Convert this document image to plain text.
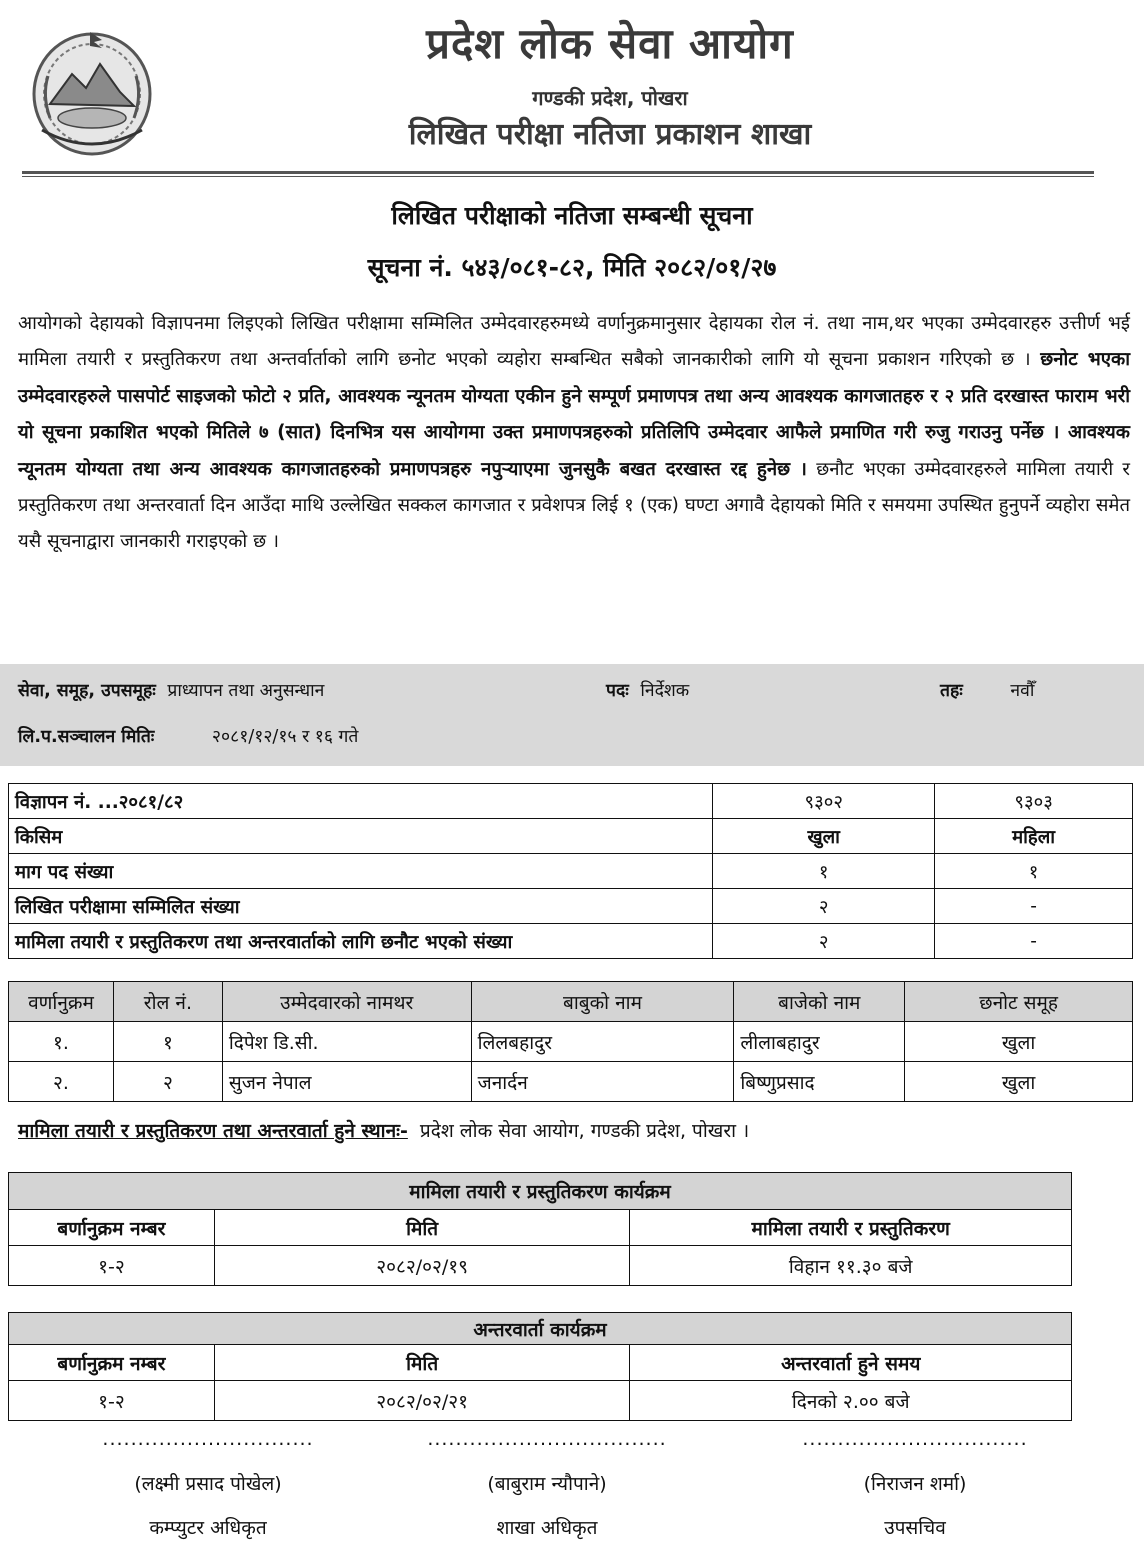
प्रदेश लोक सेवा आयोग
गण्डकी प्रदेश, पोखरा
लिखित परीक्षा नतिजा प्रकाशन शाखा
लिखित परीक्षाको नतिजा सम्बन्धी सूचना
सूचना नं. ५४३/०८१-८२, मिति २०८२/०१/२७
आयोगको देहायको विज्ञापनमा लिइएको लिखित परीक्षामा सम्मिलित उम्मेदवारहरुमध्ये वर्णानुक्रमानुसार देहायका रोल नं. तथा नाम,थर भएका उम्मेदवारहरु उत्तीर्ण भई मामिला तयारी र प्रस्तुतिकरण तथा अन्तर्वार्ताको लागि छनोट भएको व्यहोरा सम्बन्धित सबैको जानकारीको लागि यो सूचना प्रकाशन गरिएको छ । छनोट भएका उम्मेदवारहरुले पासपोर्ट साइजको फोटो २ प्रति, आवश्यक न्यूनतम योग्यता एकीन हुने सम्पूर्ण प्रमाणपत्र तथा अन्य आवश्यक कागजातहरु र २ प्रति दरखास्त फाराम भरी यो सूचना प्रकाशित भएको मितिले ७ (सात) दिनभित्र यस आयोगमा उक्त प्रमाणपत्रहरुको प्रतिलिपि उम्मेदवार आफैले प्रमाणित गरी रुजु गराउनु पर्नेछ । आवश्यक न्यूनतम योग्यता तथा अन्य आवश्यक कागजातहरुको प्रमाणपत्रहरु नपुऱ्याएमा जुनसुकै बखत दरखास्त रद्द हुनेछ । छनौट भएका उम्मेदवारहरुले मामिला तयारी र प्रस्तुतिकरण तथा अन्तरवार्ता दिन आउँदा माथि उल्लेखित सक्कल कागजात र प्रवेशपत्र लिई १ (एक) घण्टा अगावै देहायको मिति र समयमा उपस्थित हुनुपर्ने व्यहोरा समेत यसै सूचनाद्वारा जानकारी गराइएको छ ।
सेवा, समूह, उपसमूहः प्राध्यापन तथा अनुसन्धान	पदः निर्देशक	तहः	नवौँ
लि.प.सञ्चालन मितिः	२०८१/१२/१५ र १६ गते
विज्ञापन नं. ...२०८१/८२	९३०२	९३०३
किसिम	खुला	महिला
माग पद संख्या	१	१
लिखित परीक्षामा सम्मिलित संख्या	२	-
मामिला तयारी र प्रस्तुतिकरण तथा अन्तरवार्ताको लागि छनौट भएको संख्या	२	-
वर्णानुक्रम	रोल नं.	उम्मेदवारको नामथर	बाबुको नाम	बाजेको नाम	छनोट समूह
१.	१	दिपेश डि.सी.	लिलबहादुर	लीलाबहादुर	खुला
२.	२	सुजन नेपाल	जनार्दन	बिष्णुप्रसाद	खुला
मामिला तयारी र प्रस्तुतिकरण तथा अन्तरवार्ता हुने स्थानः- प्रदेश लोक सेवा आयोग, गण्डकी प्रदेश, पोखरा ।
मामिला तयारी र प्रस्तुतिकरण कार्यक्रम		
बर्णानुक्रम नम्बर	मिति	मामिला तयारी र प्रस्तुतिकरण
१-२	२०८२/०२/१९	विहान ११.३० बजे
अन्तरवार्ता कार्यक्रम		
बर्णानुक्रम नम्बर	मिति	अन्तरवार्ता हुने समय
१-२	२०८२/०२/२१	दिनको २.०० बजे
..............................
(लक्ष्मी प्रसाद पोखेल)
कम्प्युटर अधिकृत
..................................
(बाबुराम न्यौपाने)
शाखा अधिकृत
................................
(निराजन शर्मा)
उपसचिव
